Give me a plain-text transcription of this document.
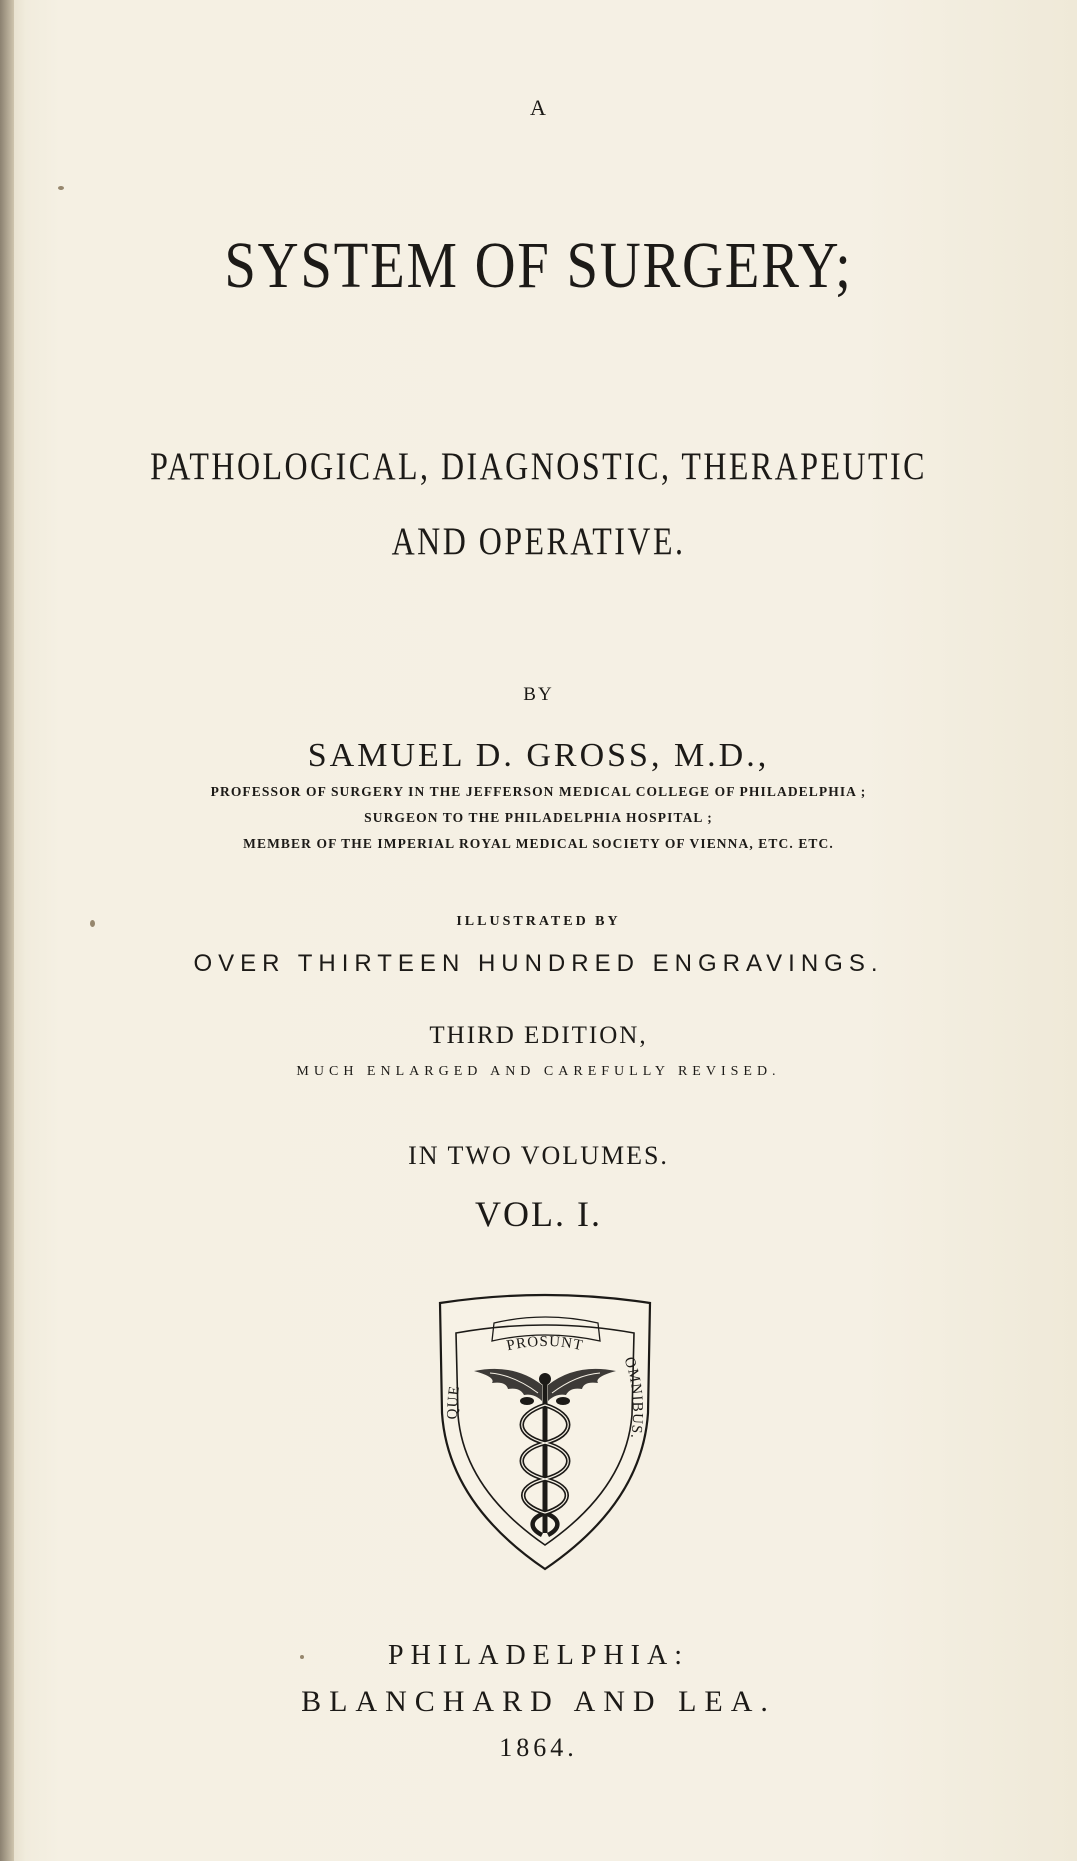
A
SYSTEM OF SURGERY;
PATHOLOGICAL, DIAGNOSTIC, THERAPEUTIC
AND OPERATIVE.
BY
SAMUEL D. GROSS, M.D.,
PROFESSOR OF SURGERY IN THE JEFFERSON MEDICAL COLLEGE OF PHILADELPHIA ;
SURGEON TO THE PHILADELPHIA HOSPITAL ;
MEMBER OF THE IMPERIAL ROYAL MEDICAL SOCIETY OF VIENNA, ETC. ETC.
ILLUSTRATED BY
OVER THIRTEEN HUNDRED ENGRAVINGS.
THIRD EDITION,
MUCH ENLARGED AND CAREFULLY REVISED.
IN TWO VOLUMES.
VOL. I.
PROSUNT
QUE
OMNIBUS.
PHILADELPHIA:
BLANCHARD AND LEA.
1864.
